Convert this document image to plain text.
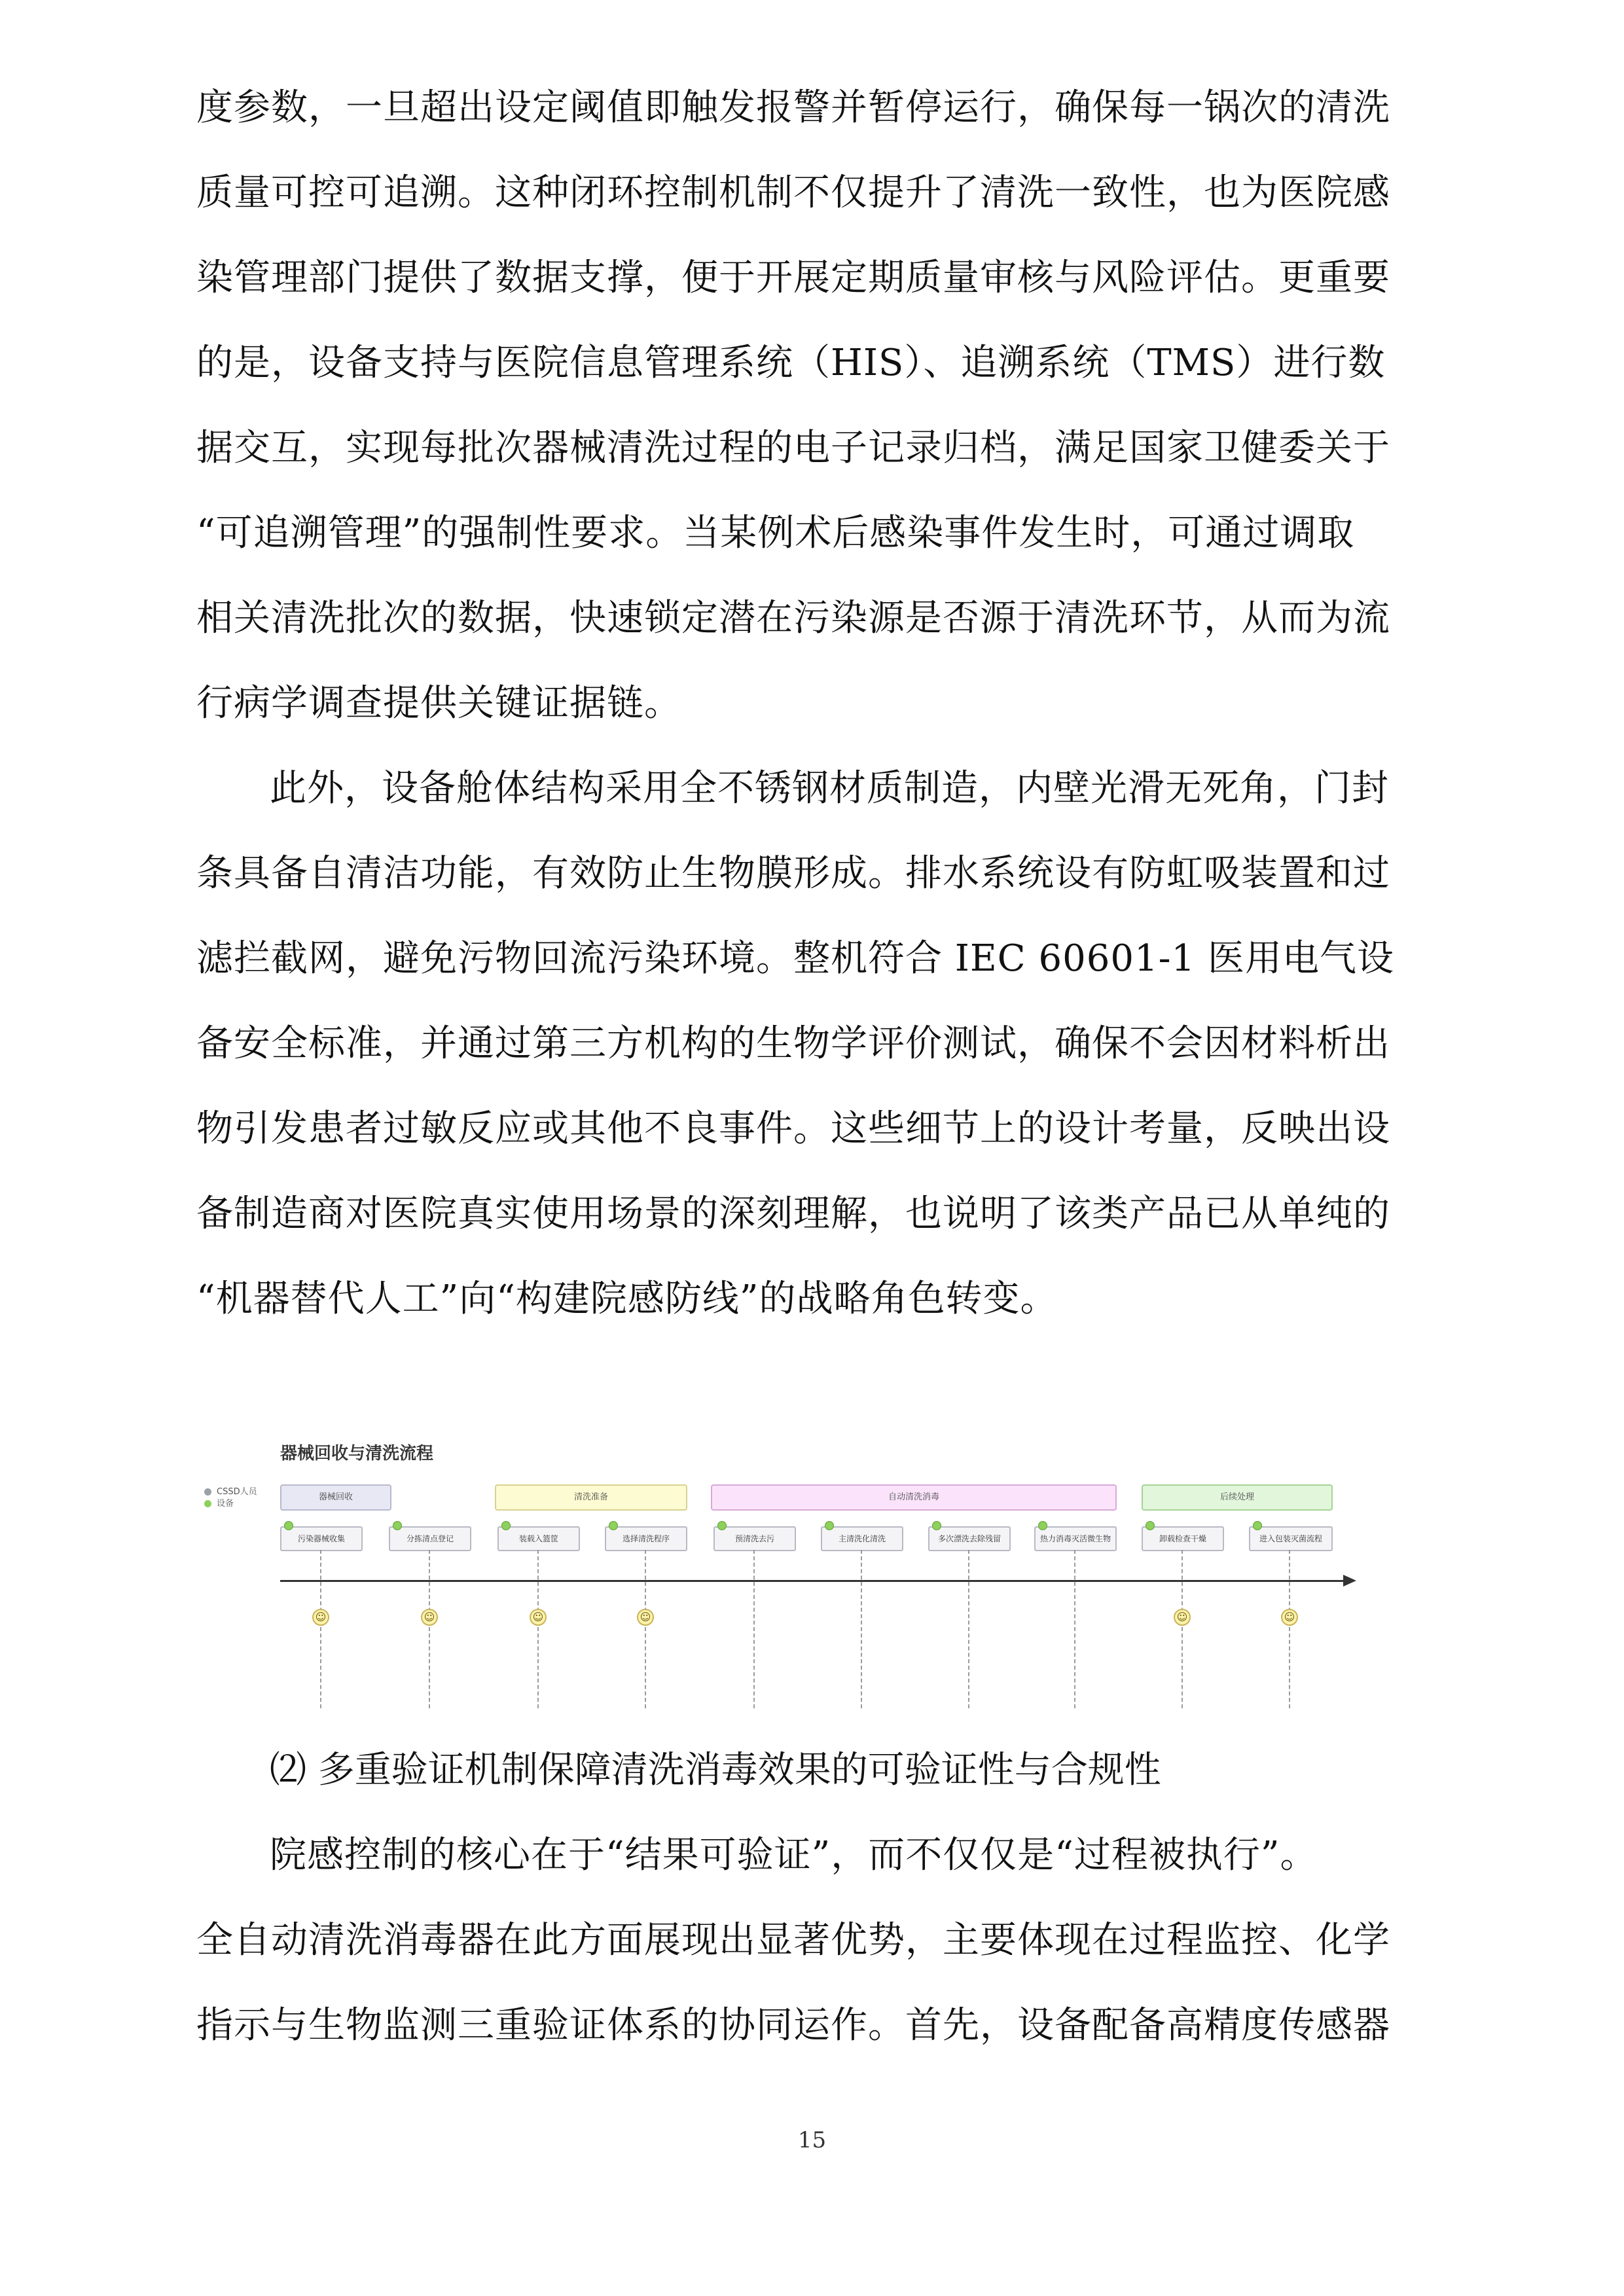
度参数，一旦超出设定阈值即触发报警并暂停运行，确保每一锅次的清洗
质量可控可追溯。这种闭环控制机制不仅提升了清洗一致性，也为医院感
染管理部门提供了数据支撑，便于开展定期质量审核与风险评估。更重要
的是，设备支持与医院信息管理系统（HIS）、追溯系统（TMS）进行数
据交互，实现每批次器械清洗过程的电子记录归档，满足国家卫健委关于
“可追溯管理”的强制性要求。当某例术后感染事件发生时，可通过调取
相关清洗批次的数据，快速锁定潜在污染源是否源于清洗环节，从而为流
行病学调查提供关键证据链。
此外，设备舱体结构采用全不锈钢材质制造，内壁光滑无死角，门封
条具备自清洁功能，有效防止生物膜形成。排水系统设有防虹吸装置和过
滤拦截网，避免污物回流污染环境。整机符合 IEC 60601-1 医用电气设
备安全标准，并通过第三方机构的生物学评价测试，确保不会因材料析出
物引发患者过敏反应或其他不良事件。这些细节上的设计考量，反映出设
备制造商对医院真实使用场景的深刻理解，也说明了该类产品已从单纯的
“机器替代人工”向“构建院感防线”的战略角色转变。
器械回收与清洗流程
CSSD人员
设备
器械回收	清洗准备	自动清洗消毒	后续处理
污染器械收集
☺
分拣清点登记
☺
装载入篮筐
☺
选择清洗程序
☺
预清洗去污	主清洗化清洗	多次漂洗去除残留	热力消毒灭活微生物	卸载检查干燥
☺
进入包装灭菌流程
☺
⑵ 多重验证机制保障清洗消毒效果的可验证性与合规性
院感控制的核心在于“结果可验证”，而不仅仅是“过程被执行”。
全自动清洗消毒器在此方面展现出显著优势，主要体现在过程监控、化学
指示与生物监测三重验证体系的协同运作。首先，设备配备高精度传感器
15
